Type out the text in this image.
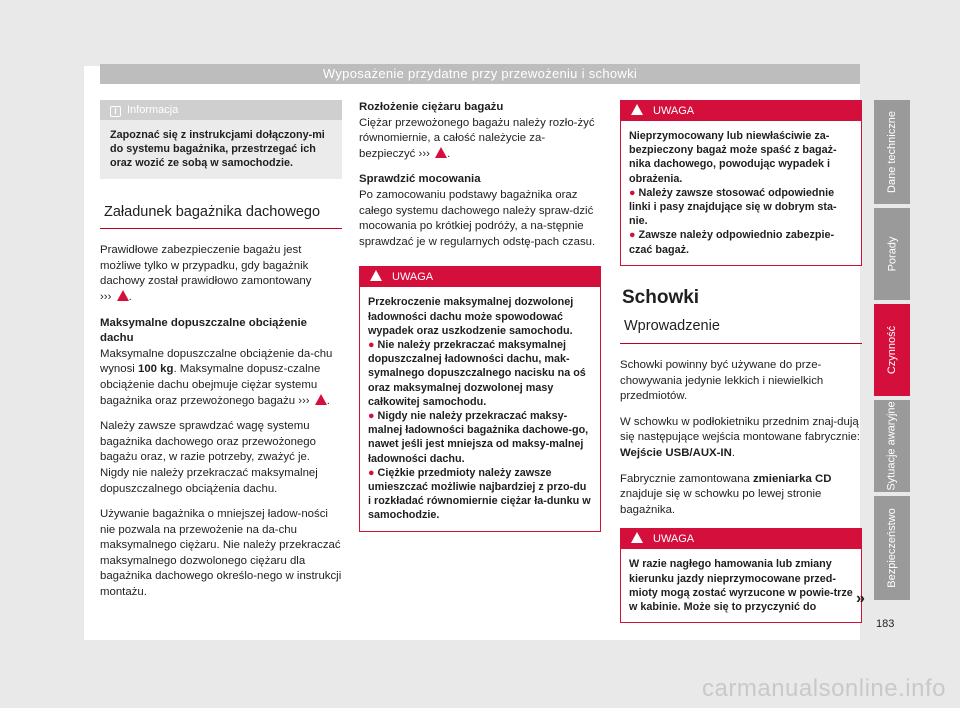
Wyposażenie przydatne przy przewożeniu i schowki
i Informacja
Zapoznać się z instrukcjami dołączony-mi do systemu bagażnika, przestrzegać ich oraz wozić ze sobą w samochodzie.
Załadunek bagażnika dachowego

Prawidłowe zabezpieczenie bagażu jest możliwe tylko w przypadku, gdy bagażnik dachowy został prawidłowo zamontowany
››› .

Maksymalne dopuszczalne obciążenie dachu

Maksymalne dopuszczalne obciążenie da-chu wynosi 100 kg. Maksymalne dopusz-czalne obciążenie dachu obejmuje ciężar systemu bagażnika oraz przewożonego bagażu ››› .

Należy zawsze sprawdzać wagę systemu bagażnika dachowego oraz przewożonego bagażu oraz, w razie potrzeby, zważyć je. Nigdy nie należy przekraczać maksymalnej dopuszczalnego obciążenia dachu.

Używanie bagażnika o mniejszej ładow-ności nie pozwala na przewożenie na da-chu maksymalnego ciężaru. Nie należy przekraczać maksymalnego dozwolonego ciężaru dla bagażnika dachowego określo-nego w instrukcji montażu.

Rozłożenie ciężaru bagażu

Ciężar przewożonego bagażu należy rozło-żyć równomiernie, a całość należycie za-bezpieczyć ››› .

Sprawdzić mocowania

Po zamocowaniu podstawy bagażnika oraz całego systemu dachowego należy spraw-dzić mocowania po krótkiej podróży, a na-stępnie sprawdzać je w regularnych odstę-pach czasu.

UWAGA
Przekroczenie maksymalnej dozwolonej ładowności dachu może spowodować wypadek oraz uszkodzenie samochodu.
● Nie należy przekraczać maksymalnej dopuszczalnej ładowności dachu, mak-symalnego dopuszczalnego nacisku na oś oraz maksymalnej dozwolonej masy całkowitej samochodu.
● Nigdy nie należy przekraczać maksy-malnej ładowności bagażnika dachowe-go, nawet jeśli jest mniejsza od maksy-malnej ładowności dachu.
● Ciężkie przedmioty należy zawsze umieszczać możliwie najbardziej z przo-du i rozkładać równomiernie ciężar ła-dunku w samochodzie.
UWAGA
Nieprzymocowany lub niewłaściwie za-bezpieczony bagaż może spaść z bagaż-nika dachowego, powodując wypadek i obrażenia.
● Należy zawsze stosować odpowiednie linki i pasy znajdujące się w dobrym sta-nie.
● Zawsze należy odpowiednio zabezpie-czać bagaż.
Schowki
Wprowadzenie

Schowki powinny być używane do prze-chowywania jedynie lekkich i niewielkich przedmiotów.

W schowku w podłokietniku przednim znaj-dują się następujące wejścia montowane fabrycznie: Wejście USB/AUX-IN.

Fabrycznie zamontowana zmieniarka CD znajduje się w schowku po lewej stronie bagażnika.

UWAGA
W razie nagłego hamowania lub zmiany kierunku jazdy nieprzymocowane przed-mioty mogą zostać wyrzucone w powie-trze w kabinie. Może się to przyczynić do	»
183
Dane techniczne
Porady
Czynność
Sytuacje awaryjne
Bezpieczeństwo
carmanualsonline.info
